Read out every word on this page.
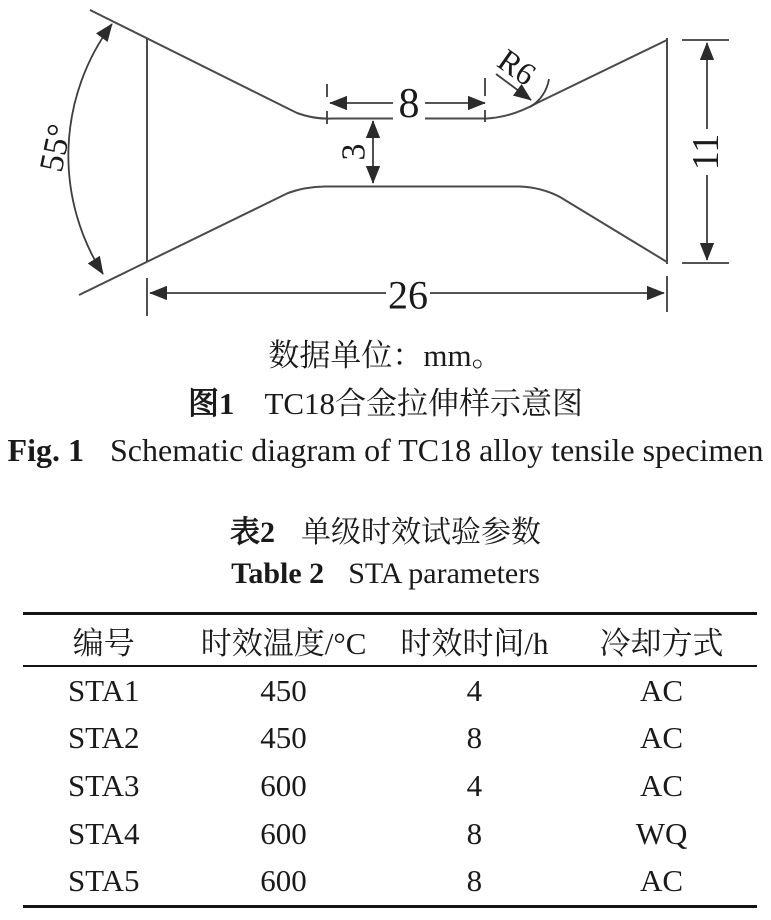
55°
8
3
R6
26
11
数据单位：mm。
图1 TC18合金拉伸样示意图
Fig. 1 Schematic diagram of TC18 alloy tensile specimen
表2 单级时效试验参数
Table 2 STA parameters
编号	时效温度/°C	时效时间/h	冷却方式
STA1	450	4	AC
STA2	450	8	AC
STA3	600	4	AC
STA4	600	8	WQ
STA5	600	8	AC
